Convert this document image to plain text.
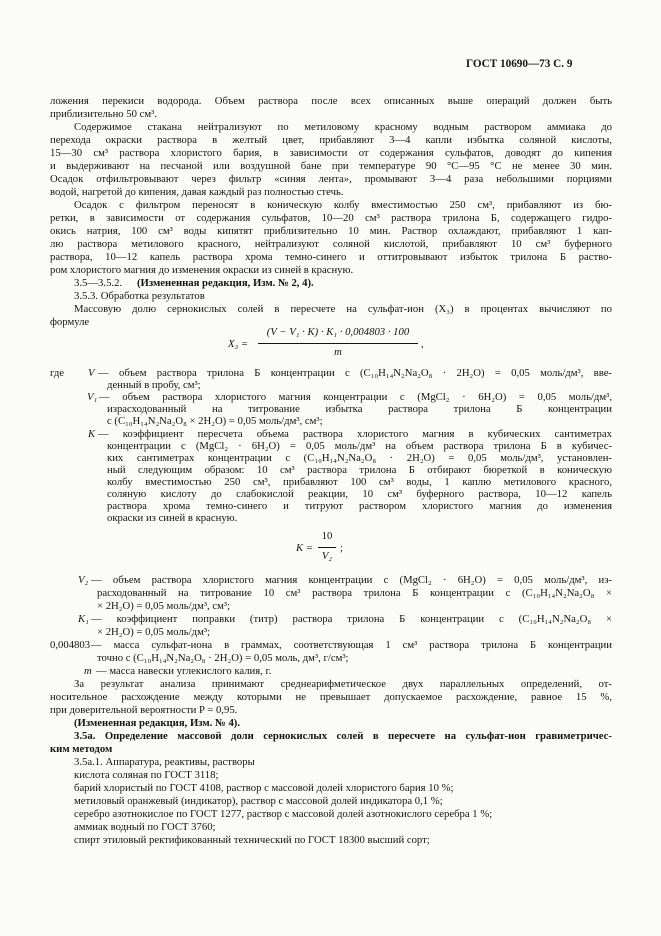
ГОСТ 10690—73 С. 9
ложения перекиси водорода. Объем раствора после всех описанных выше операций должен быть
приблизительно 50 см³.
Содержимое стакана нейтрализуют по метиловому красному водным раствором аммиака до
перехода окраски раствора в желтый цвет, прибавляют 3—4 капли избытка соляной кислоты,
15—30 см³ раствора хлористого бария, в зависимости от содержания сульфатов, доводят до кипения
и выдерживают на песчаной или воздушной бане при температуре 90 °С—95 °С не менее 30 мин.
Осадок отфильтровывают через фильтр «синяя лента», промывают 3—4 раза небольшими порциями
водой, нагретой до кипения, давая каждый раз полностью стечь.
Осадок с фильтром переносят в коническую колбу вместимостью 250 см³, прибавляют из бю-
ретки, в зависимости от содержания сульфатов, 10—20 см³ раствора трилона Б, содержащего гидро-
окись натрия, 100 см³ воды кипятят приблизительно 10 мин. Раствор охлаждают, прибавляют 1 кап-
лю раствора метилового красного, нейтрализуют соляной кислотой, прибавляют 10 см³ буферного
раствора, 10—12 капель раствора хрома темно-синего и оттитровывают избыток трилона Б раство-
ром хлористого магния до изменения окраски из синей в красную.
3.5—3.5.2. (Измененная редакция, Изм. № 2, 4).
3.5.3. Обработка результатов
Массовую долю сернокислых солей в пересчете на сульфат-ион (X₃) в процентах вычисляют по
формуле
X₃ =
(V − V₁ · K) · K₁ · 0,004803 · 100
m
,
где V — объем раствора трилона Б концентрации c (C₁₀H₁₄N₂Na₂O₈ · 2H₂O) = 0,05 моль/дм³, вве-
денный в пробу, см³;
V₁ — объем раствора хлористого магния концентрации c (MgCl₂ · 6H₂O) = 0,05 моль/дм³,
израсходованный на титрование избытка раствора трилона Б концентрации
c (C₁₀H₁₄N₂Na₂O₈ × 2H₂O) = 0,05 моль/дм³, см³;
K — коэффициент пересчета объема раствора хлористого магния в кубических сантиметрах
концентрации c (MgCl₂ · 6H₂O) = 0,05 моль/дм³ на объем раствора трилона Б в кубичес-
ких сантиметрах концентрации c (C₁₀H₁₄N₂Na₂O₈ · 2H₂O) = 0,05 моль/дм³, установлен-
ный следующим образом: 10 см³ раствора трилона Б отбирают бюреткой в коническую
колбу вместимостью 250 см³, прибавляют 100 см³ воды, 1 каплю метилового красного,
соляную кислоту до слабокислой реакции, 10 см³ буферного раствора, 10—12 капель
раствора хрома темно-синего и титруют раствором хлористого магния до изменения
окраски из синей в красную.
K =
10
V₂
;
V₂ — объем раствора хлористого магния концентрации c (MgCl₂ · 6H₂O) = 0,05 моль/дм³, из-
расходованный на титрование 10 см³ раствора трилона Б концентрации c (C₁₀H₁₄N₂Na₂O₈ ×
× 2H₂O) = 0,05 моль/дм³, см³;
K₁ — коэффициент поправки (титр) раствора трилона Б концентрации c (C₁₀H₁₄N₂Na₂O₈ ×
× 2H₂O) = 0,05 моль/дм³;
0,004803 — масса сульфат-иона в граммах, соответствующая 1 см³ раствора трилона Б концентрации
точно c (C₁₀H₁₄N₂Na₂O₈ · 2H₂O) = 0,05 моль, дм³, г/см³;
m — масса навески углекислого калия, г.
За результат анализа принимают среднеарифметическое двух параллельных определений, от-
носительное расхождение между которыми не превышает допускаемое расхождение, равное 15 %,
при доверительной вероятности P = 0,95.
(Измененная редакция, Изм. № 4).
3.5а. Определение массовой доли сернокислых солей в пересчете на сульфат-ион гравиметричес-
ким методом
3.5а.1. Аппаратура, реактивы, растворы
кислота соляная по ГОСТ 3118;
барий хлористый по ГОСТ 4108, раствор с массовой долей хлористого бария 10 %;
метиловый оранжевый (индикатор), раствор с массовой долей индикатора 0,1 %;
серебро азотнокислое по ГОСТ 1277, раствор с массовой долей азотнокислого серебра 1 %;
аммиак водный по ГОСТ 3760;
спирт этиловый ректификованный технический по ГОСТ 18300 высший сорт;
